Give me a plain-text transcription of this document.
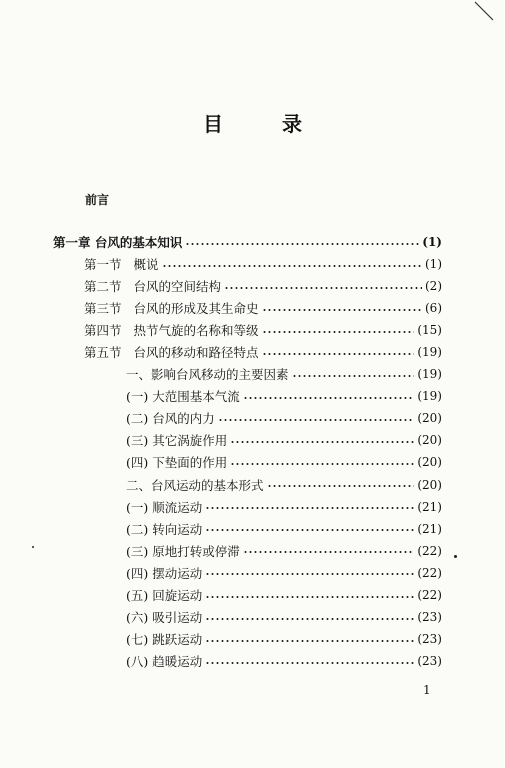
目 录
前言
第一章 台风的基本知识	(1)
第一节 概说	(1)
第二节 台风的空间结构	(2)
第三节 台风的形成及其生命史	(6)
第四节 热节气旋的名称和等级	(15)
第五节 台风的移动和路径特点	(19)
一、影响台风移动的主要因素	(19)
(一) 大范围基本气流	(19)
(二) 台风的内力	(20)
(三) 其它涡旋作用	(20)
(四) 下垫面的作用	(20)
二、台风运动的基本形式	(20)
(一) 顺流运动	(21)
(二) 转向运动	(21)
(三) 原地打转或停滞	(22)
(四) 摆动运动	(22)
(五) 回旋运动	(22)
(六) 吸引运动	(23)
(七) 跳跃运动	(23)
(八) 趋暖运动	(23)
1
